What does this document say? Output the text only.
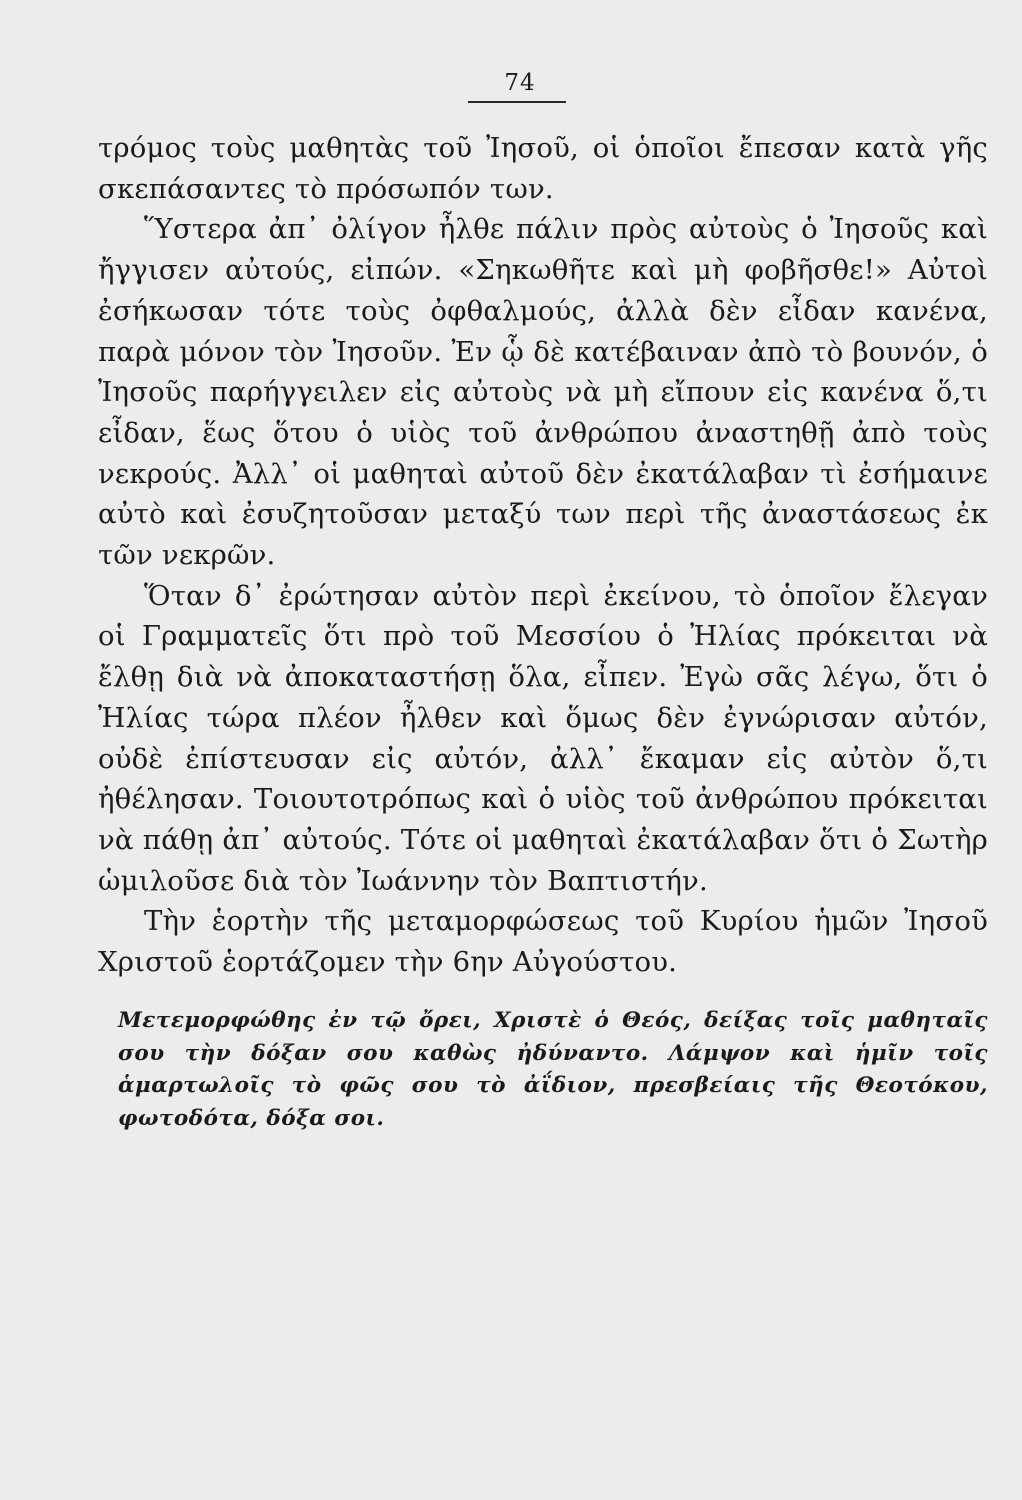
74

τρόμος τοὺς μαθητὰς τοῦ Ἰησοῦ, οἱ ὁποῖοι ἔπεσαν κατὰ γῆς σκεπάσαντες τὸ πρόσωπόν των.

Ὕστερα ἀπ᾽ ὀλίγον ἦλθε πάλιν πρὸς αὐτοὺς ὁ Ἰησοῦς καὶ ἤγγισεν αὐτούς, εἰπών. «Σηκωθῆτε καὶ μὴ φοβῆσθε!» Αὐτοὶ ἐσήκωσαν τότε τοὺς ὀφθαλμούς, ἀλλὰ δὲν εἶδαν κανένα, παρὰ μόνον τὸν Ἰησοῦν. Ἐν ᾧ δὲ κατέβαιναν ἀπὸ τὸ βουνόν, ὁ Ἰησοῦς παρήγγειλεν εἰς αὐτοὺς νὰ μὴ εἴπουν εἰς κανένα ὅ,τι εἶδαν, ἕως ὅτου ὁ υἱὸς τοῦ ἀνθρώπου ἀναστηθῇ ἀπὸ τοὺς νεκρούς. Ἀλλ᾽ οἱ μαθηταὶ αὐτοῦ δὲν ἐκατάλαβαν τὶ ἐσήμαινε αὐτὸ καὶ ἐσυζητοῦσαν μεταξύ των περὶ τῆς ἀναστάσεως ἐκ τῶν νεκρῶν.

Ὅταν δ᾽ ἐρώτησαν αὐτὸν περὶ ἐκείνου, τὸ ὁποῖον ἔλεγαν οἱ Γραμματεῖς ὅτι πρὸ τοῦ Μεσσίου ὁ Ἠλίας πρόκειται νὰ ἔλθῃ διὰ νὰ ἀποκαταστήσῃ ὅλα, εἶπεν. Ἐγὼ σᾶς λέγω, ὅτι ὁ Ἠλίας τώρα πλέον ἦλθεν καὶ ὅμως δὲν ἐγνώρισαν αὐτόν, οὐδὲ ἐπίστευσαν εἰς αὐτόν, ἀλλ᾽ ἔκαμαν εἰς αὐτὸν ὅ,τι ἠθέλησαν. Τοιουτοτρόπως καὶ ὁ υἱὸς τοῦ ἀνθρώπου πρόκειται νὰ πάθῃ ἀπ᾽ αὐτούς. Τότε οἱ μαθηταὶ ἐκατάλαβαν ὅτι ὁ Σωτὴρ ὡμιλοῦσε διὰ τὸν Ἰωάννην τὸν Βαπτιστήν.

Τὴν ἑορτὴν τῆς μεταμορφώσεως τοῦ Κυρίου ἡμῶν Ἰησοῦ Χριστοῦ ἑορτάζομεν τὴν 6ην Αὐγούστου.

Μετεμορφώθης ἐν τῷ ὄρει, Χριστὲ ὁ Θεός, δείξας τοῖς μαθηταῖς σου τὴν δόξαν σου καθὼς ἠδύναντο. Λάμψον καὶ ἡμῖν τοῖς ἁμαρτωλοῖς τὸ φῶς σου τὸ ἀΐδιον, πρεσβείαις τῆς Θεοτόκου, φωτοδότα, δόξα σοι.
